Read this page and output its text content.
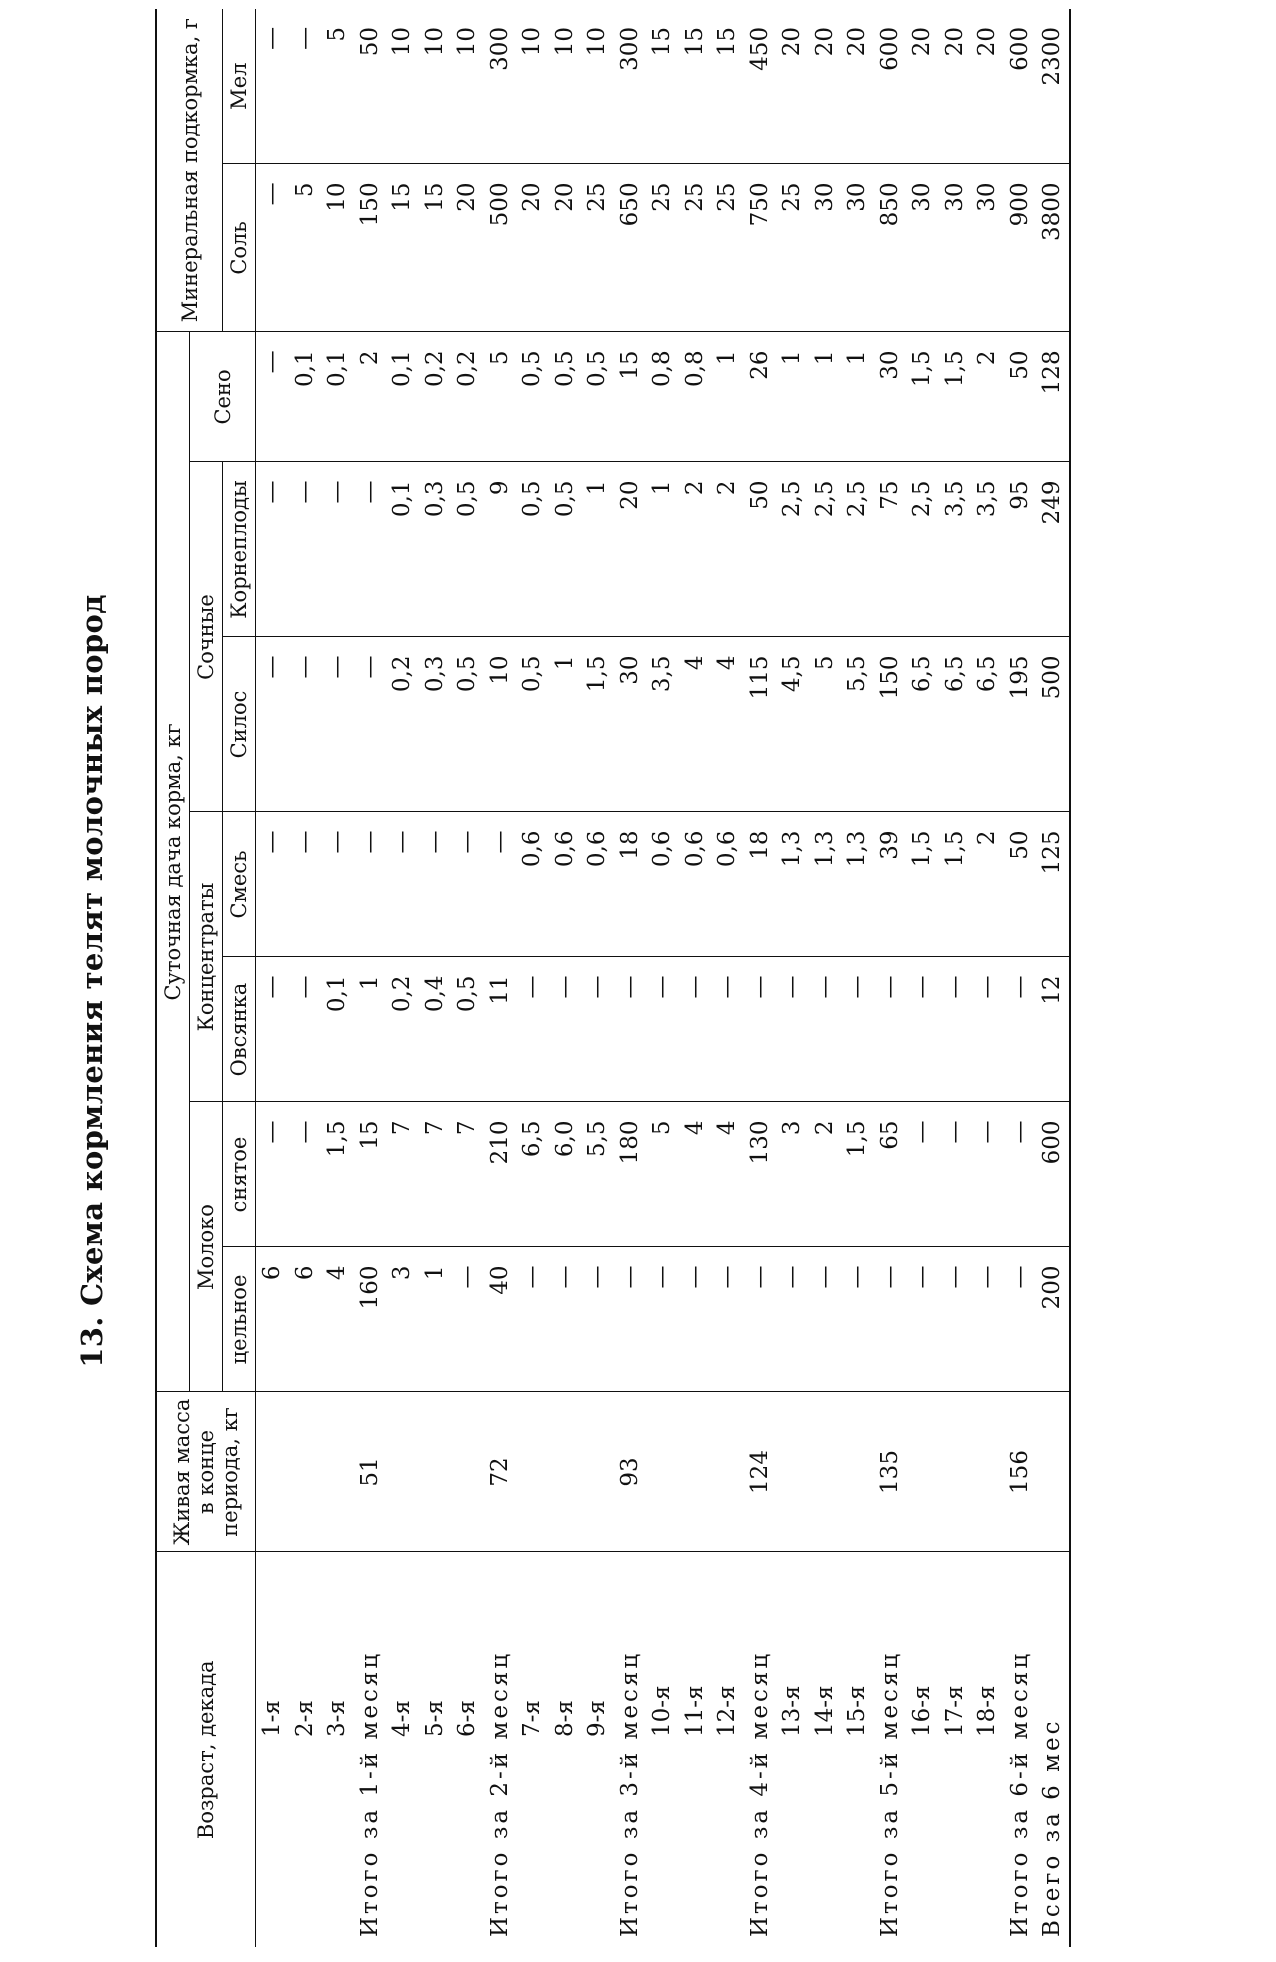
13. Схема кормления телят молочных пород
Возраст, декада	Живая масса в конце периода, кг	Суточная дача корма, кг							Минеральная подкормка, г	
		Молоко		Концентраты		Сочные		Сено		
		цельное	снятое	Овсянка	Смесь	Силос	Корнеплоды		Соль	Мел
1-я		6	—	—	—	—	—	—	—	—
2-я		6	—	—	—	—	—	0,1	5	—
3-я		4	1,5	0,1	—	—	—	0,1	10	5
Итого за 1-й месяц	51	160	15	1	—	—	—	2	150	50
4-я		3	7	0,2	—	0,2	0,1	0,1	15	10
5-я		1	7	0,4	—	0,3	0,3	0,2	15	10
6-я		—	7	0,5	—	0,5	0,5	0,2	20	10
Итого за 2-й месяц	72	40	210	11	—	10	9	5	500	300
7-я		—	6,5	—	0,6	0,5	0,5	0,5	20	10
8-я		—	6,0	—	0,6	1	0,5	0,5	20	10
9-я		—	5,5	—	0,6	1,5	1	0,5	25	10
Итого за 3-й месяц	93	—	180	—	18	30	20	15	650	300
10-я		—	5	—	0,6	3,5	1	0,8	25	15
11-я		—	4	—	0,6	4	2	0,8	25	15
12-я		—	4	—	0,6	4	2	1	25	15
Итого за 4-й месяц	124	—	130	—	18	115	50	26	750	450
13-я		—	3	—	1,3	4,5	2,5	1	25	20
14-я		—	2	—	1,3	5	2,5	1	30	20
15-я		—	1,5	—	1,3	5,5	2,5	1	30	20
Итого за 5-й месяц	135	—	65	—	39	150	75	30	850	600
16-я		—	—	—	1,5	6,5	2,5	1,5	30	20
17-я		—	—	—	1,5	6,5	3,5	1,5	30	20
18-я		—	—	—	2	6,5	3,5	2	30	20
Итого за 6-й месяц	156	—	—	—	50	195	95	50	900	600
Всего за 6 мес		200	600	12	125	500	249	128	3800	2300
